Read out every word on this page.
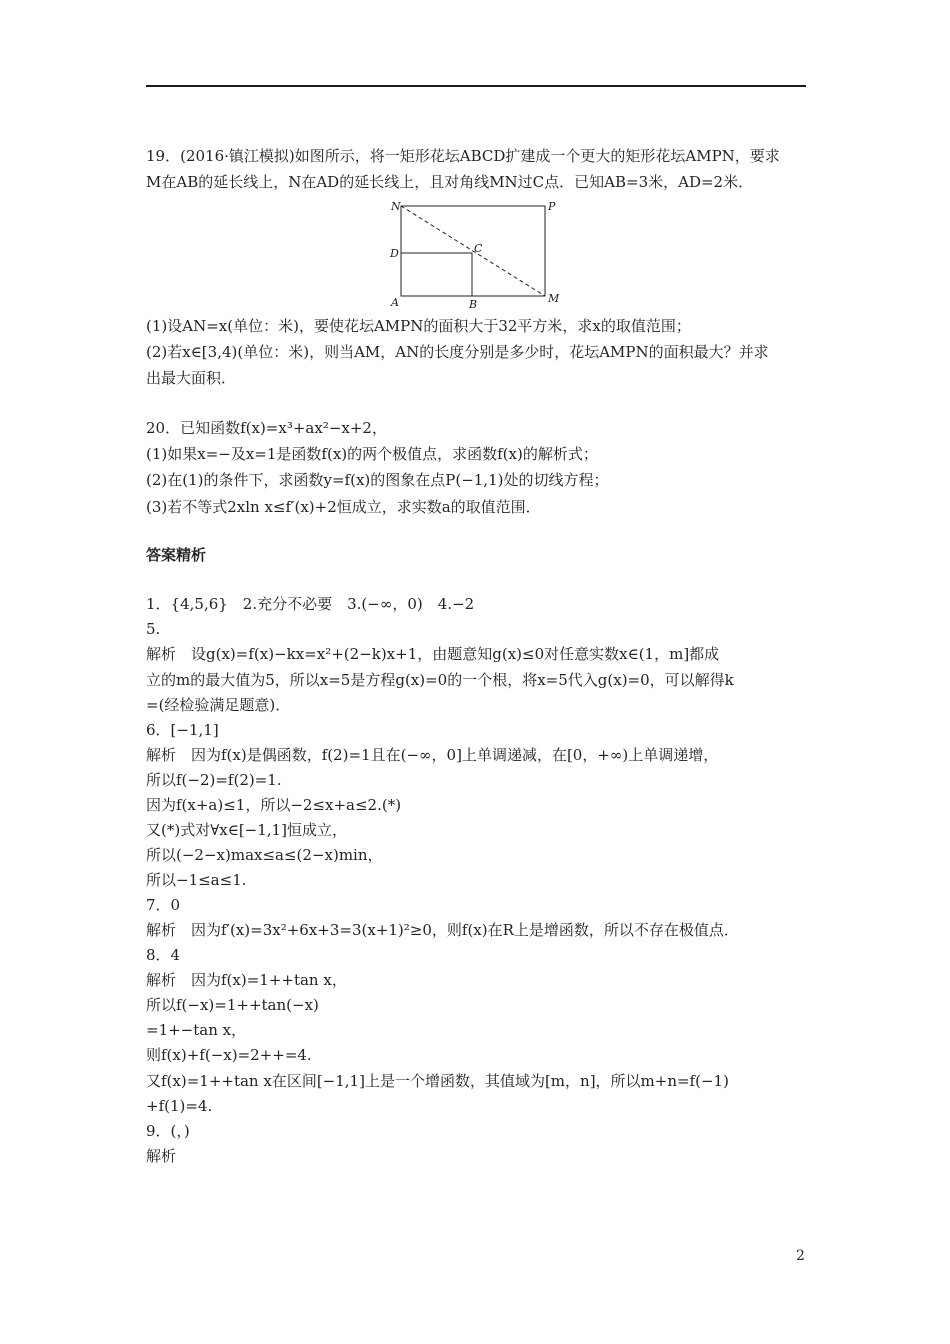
19．(2016·镇江模拟)如图所示，将一矩形花坛ABCD扩建成一个更大的矩形花坛AMPN，要求
M在AB的延长线上，N在AD的延长线上，且对角线MN过C点．已知AB=3米，AD=2米．
N	P
D	C
A	B	M
(1)设AN=x(单位：米)，要使花坛AMPN的面积大于32平方米，求x的取值范围；
(2)若x∈[3,4)(单位：米)，则当AM，AN的长度分别是多少时，花坛AMPN的面积最大？并求
出最大面积．
20．已知函数f(x)=x³+ax²−x+2，
(1)如果x=−及x=1是函数f(x)的两个极值点，求函数f(x)的解析式；
(2)在(1)的条件下，求函数y=f(x)的图象在点P(−1,1)处的切线方程；
(3)若不等式2xln x≤f′(x)+2恒成立，求实数a的取值范围．
答案精析
1．{4,5,6}　2.充分不必要　3.(−∞，0)　4.−2
5.
解析　设g(x)=f(x)−kx=x²+(2−k)x+1，由题意知g(x)≤0对任意实数x∈(1，m]都成
立的m的最大值为5，所以x=5是方程g(x)=0的一个根，将x=5代入g(x)=0，可以解得k
=(经检验满足题意)．
6．[−1,1]
解析　因为f(x)是偶函数，f(2)=1且在(−∞，0]上单调递减，在[0，+∞)上单调递增，
所以f(−2)=f(2)=1.
因为f(x+a)≤1，所以−2≤x+a≤2.(*)
又(*)式对∀x∈[−1,1]恒成立，
所以(−2−x)max≤a≤(2−x)min，
所以−1≤a≤1.
7．0
解析　因为f′(x)=3x²+6x+3=3(x+1)²≥0，则f(x)在R上是增函数，所以不存在极值点．
8．4
解析　因为f(x)=1++tan x，
所以f(−x)=1++tan(−x)
=1+−tan x，
则f(x)+f(−x)=2++=4.
又f(x)=1++tan x在区间[−1,1]上是一个增函数，其值域为[m，n]，所以m+n=f(−1)
+f(1)=4.
9．(，)
解析
2
